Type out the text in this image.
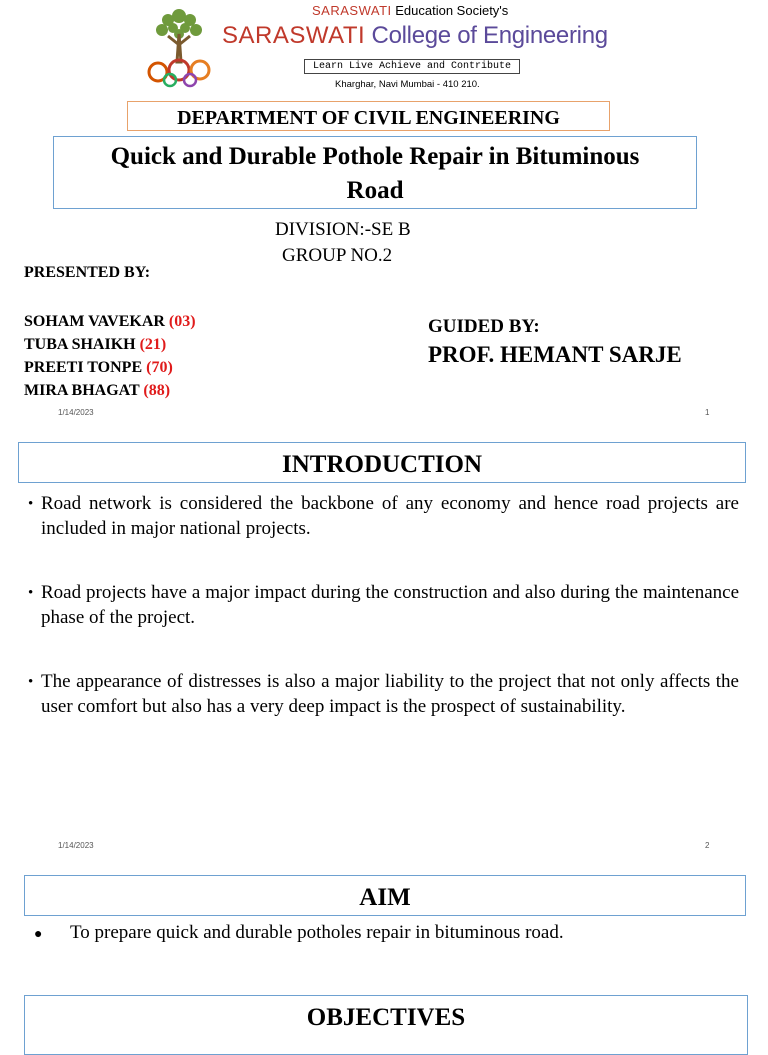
SARASWATI Education Society's
SARASWATI College of Engineering
Learn Live Achieve and Contribute
Kharghar, Navi Mumbai - 410 210.
DEPARTMENT OF CIVIL ENGINEERING
Quick and Durable Pothole Repair in Bituminous
Road
DIVISION:-SE B
GROUP NO.2
PRESENTED BY:
SOHAM VAVEKAR (03)
TUBA SHAIKH (21)
PREETI TONPE (70)
MIRA BHAGAT (88)
GUIDED BY:
PROF. HEMANT SARJE
1/14/2023	1
INTRODUCTION
• Road network is considered the backbone of any economy and hence road projects are included in major national projects.
• Road projects have a major impact during the construction and also during the maintenance phase of the project.
• The appearance of distresses is also a major liability to the project that not only affects the user comfort but also has a very deep impact is the prospect of sustainability.
1/14/2023	2
AIM
●	To prepare quick and durable potholes repair in bituminous road.
OBJECTIVES
